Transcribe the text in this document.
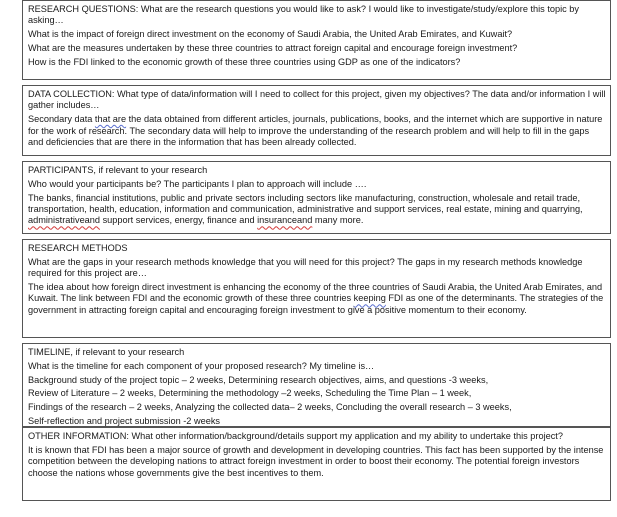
RESEARCH QUESTIONS: What are the research questions you would like to ask? I would like to investigate/study/explore this topic by asking…

What is the impact of foreign direct investment on the economy of Saudi Arabia, the United Arab Emirates, and Kuwait?

What are the measures undertaken by these three countries to attract foreign capital and encourage foreign investment?

How is the FDI linked to the economic growth of these three countries using GDP as one of the indicators?

DATA COLLECTION: What type of data/information will I need to collect for this project, given my objectives? The data and/or information I will gather includes…

Secondary data that are the data obtained from different articles, journals, publications, books, and the internet which are supportive in nature for the work of research. The secondary data will help to improve the understanding of the research problem and will help to fill in the gaps and deficiencies that are there in the information that has been already collected.

PARTICIPANTS, if relevant to your research

Who would your participants be? The participants I plan to approach will include ….

The banks, financial institutions, public and private sectors including sectors like manufacturing, construction, wholesale and retail trade, transportation, health, education, information and communication, administrative and support services, real estate, mining and quarrying, administrativeand support services, energy, finance and insuranceand many more.

RESEARCH METHODS

What are the gaps in your research methods knowledge that you will need for this project? The gaps in my research methods knowledge required for this project are…

The idea about how foreign direct investment is enhancing the economy of the three countries of Saudi Arabia, the United Arab Emirates, and Kuwait. The link between FDI and the economic growth of these three countries keeping FDI as one of the determinants. The strategies of the government in attracting foreign capital and encouraging foreign investment to give a positive momentum to their economy.

TIMELINE, if relevant to your research

What is the timeline for each component of your proposed research? My timeline is…

Background study of the project topic – 2 weeks, Determining research objectives, aims, and questions -3 weeks,

Review of Literature – 2 weeks, Determining the methodology –2 weeks, Scheduling the Time Plan – 1 week,

Findings of the research – 2 weeks, Analyzing the collected data– 2 weeks, Concluding the overall research – 3 weeks,

Self-reflection and project submission -2 weeks

OTHER INFORMATION: What other information/background/details support my application and my ability to undertake this project?

It is known that FDI has been a major source of growth and development in developing countries. This fact has been supported by the intense competition between the developing nations to attract foreign investment in order to boost their economy. The potential foreign investors choose the nations whose governments give the best incentives to them.
